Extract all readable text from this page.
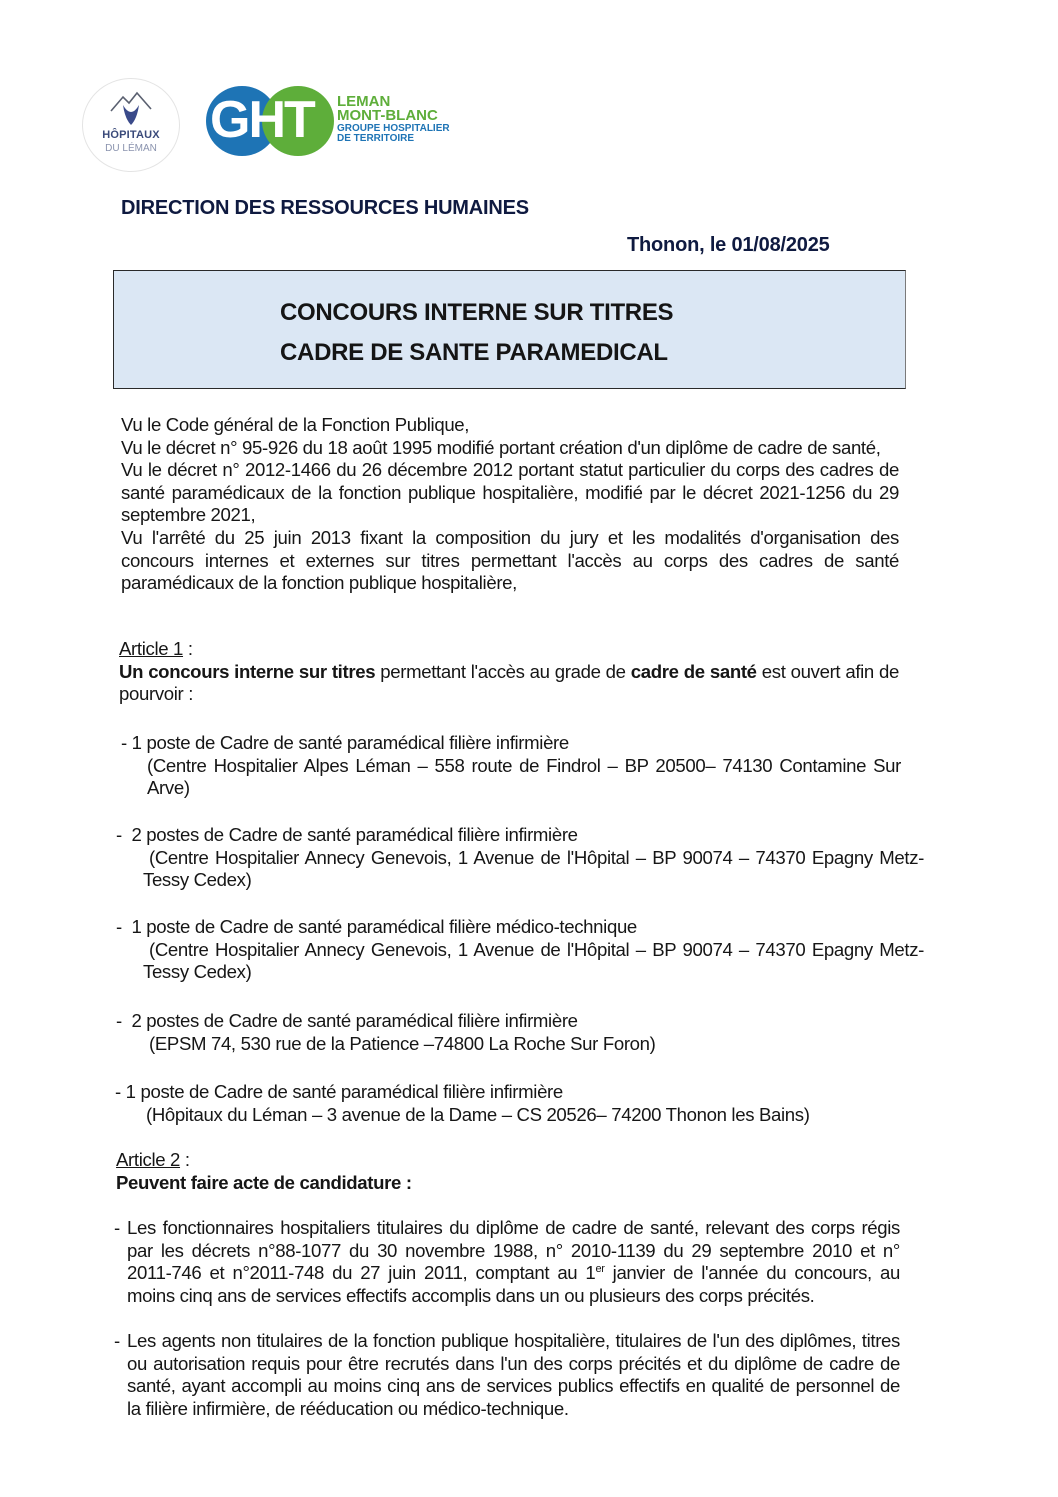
HÔPITAUX
DU LÉMAN	GHT LEMAN
MONT-BLANC
GROUPE HOSPITALIER
DE TERRITOIRE
DIRECTION DES RESSOURCES HUMAINES
Thonon, le 01/08/2025
CONCOURS INTERNE SUR TITRES
CADRE DE SANTE PARAMEDICAL

Vu le Code général de la Fonction Publique,

Vu le décret n° 95-926 du 18 août 1995 modifié portant création d'un diplôme de cadre de santé,

Vu le décret n° 2012-1466 du 26 décembre 2012 portant statut particulier du corps des cadres de santé paramédicaux de la fonction publique hospitalière, modifié par le décret 2021-1256 du 29 septembre 2021,

Vu l'arrêté du 25 juin 2013 fixant la composition du jury et les modalités d'organisation des concours internes et externes sur titres permettant l'accès au corps des cadres de santé paramédicaux de la fonction publique hospitalière,

Article 1 :

Un concours interne sur titres permettant l'accès au grade de cadre de santé est ouvert afin de pourvoir :

- 1 poste de Cadre de santé paramédical filière infirmière
(Centre Hospitalier Alpes Léman – 558 route de Findrol – BP 20500– 74130 Contamine Sur Arve)
-  2 postes de Cadre de santé paramédical filière infirmière
(Centre Hospitalier Annecy Genevois, 1 Avenue de l'Hôpital – BP 90074 – 74370 Epagny Metz-Tessy Cedex)
-  1 poste de Cadre de santé paramédical filière médico-technique
(Centre Hospitalier Annecy Genevois, 1 Avenue de l'Hôpital – BP 90074 – 74370 Epagny Metz-Tessy Cedex)
-  2 postes de Cadre de santé paramédical filière infirmière
(EPSM 74, 530 rue de la Patience –74800 La Roche Sur Foron)
- 1 poste de Cadre de santé paramédical filière infirmière
(Hôpitaux du Léman – 3 avenue de la Dame – CS 20526– 74200 Thonon les Bains)

Article 2 :

Peuvent faire acte de candidature :

- Les fonctionnaires hospitaliers titulaires du diplôme de cadre de santé, relevant des corps régis par les décrets n°88-1077 du 30 novembre 1988, n° 2010-1139 du 29 septembre 2010 et n° 2011-746 et n°2011-748 du 27 juin 2011, comptant au 1er janvier de l'année du concours, au moins cinq ans de services effectifs accomplis dans un ou plusieurs des corps précités.
- Les agents non titulaires de la fonction publique hospitalière, titulaires de l'un des diplômes, titres ou autorisation requis pour être recrutés dans l'un des corps précités et du diplôme de cadre de santé, ayant accompli au moins cinq ans de services publics effectifs en qualité de personnel de la filière infirmière, de rééducation ou médico-technique.
